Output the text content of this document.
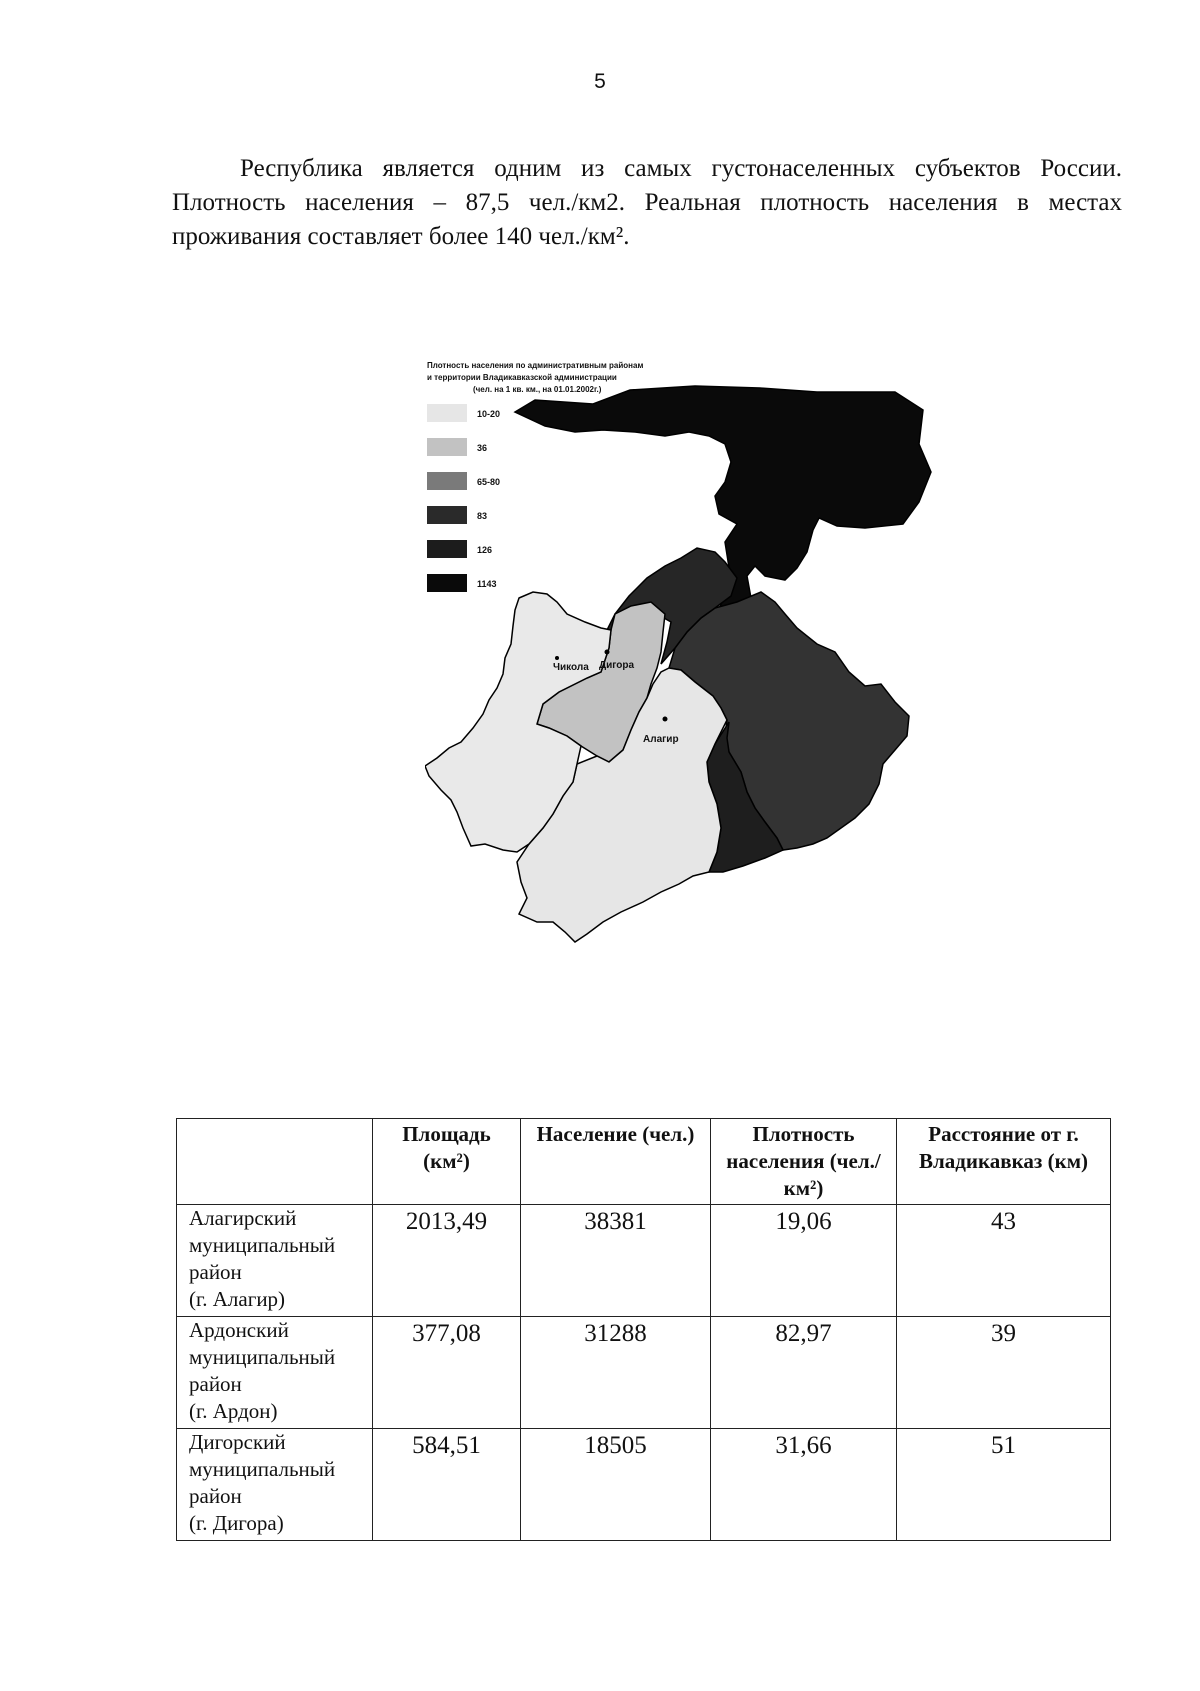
5

Республика является одним из самых густонаселенных субъектов России. Плотность населения – 87,5 чел./км2. Реальная плотность населения в местах проживания составляет более 140 чел./км².

Плотность населения по административным районам
и территории Владикавказской администрации
(чел. на 1 кв. км., на 01.01.2002г.)
10-20
36
65-80
83
126
1143
Чикола Дигора
Алагир
	Площадь (км²)	Население (чел.)	Плотность населения (чел./ км²)	Расстояние от г. Владикавказ (км)

Алагирский
муниципальный
район
(г. Алагир)	2013,49	38381	19,06	43

Ардонский
муниципальный
район
(г. Ардон)	377,08	31288	82,97	39

Дигорский
муниципальный
район
(г. Дигора)	584,51	18505	31,66	51
